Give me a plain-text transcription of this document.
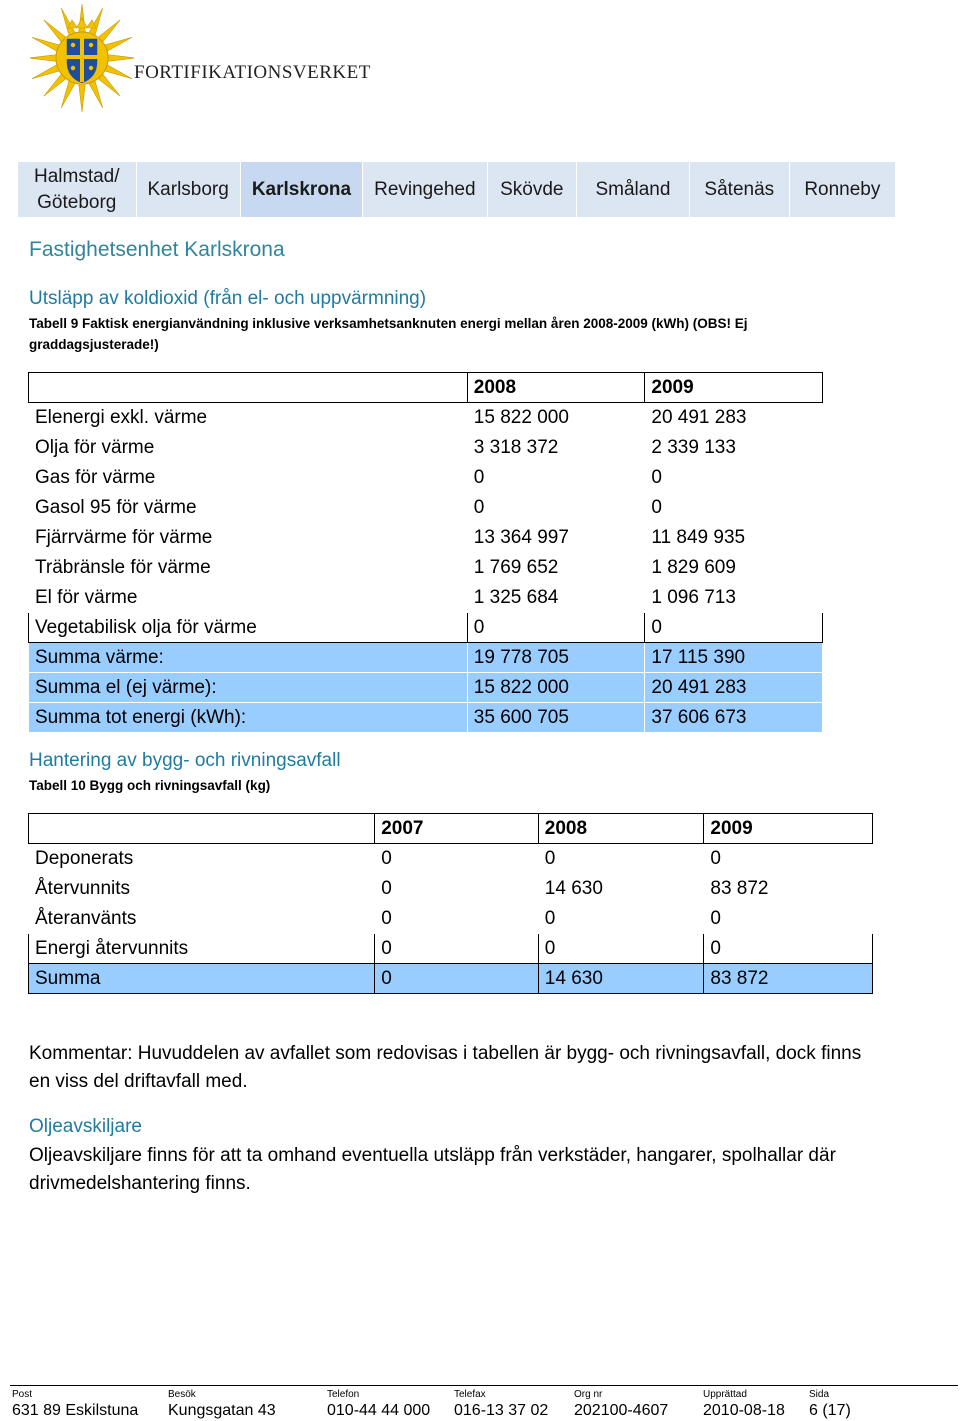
FORTIFIKATIONSVERKET
Halmstad/ Göteborg
Karlsborg Karlskrona Revingehed Skövde Småland Såtenäs Ronneby
Fastighetsenhet Karlskrona
Utsläpp av koldioxid (från el- och uppvärmning)
Tabell 9 Faktisk energianvändning inklusive verksamhetsanknuten energi mellan åren 2008-2009 (kWh) (OBS! Ej graddagsjusterade!)
	2008	2009
Elenergi exkl. värme	15 822 000	20 491 283
Olja för värme	3 318 372	2 339 133
Gas för värme	0	0
Gasol 95 för värme	0	0
Fjärrvärme för värme	13 364 997	11 849 935
Träbränsle för värme	1 769 652	1 829 609
El för värme	1 325 684	1 096 713
Vegetabilisk olja för värme	0	0
Summa värme:	19 778 705	17 115 390
Summa el (ej värme):	15 822 000	20 491 283
Summa tot energi (kWh):	35 600 705	37 606 673
Hantering av bygg- och rivningsavfall
Tabell 10 Bygg och rivningsavfall (kg)
	2007	2008	2009
Deponerats	0	0	0
Återvunnits	0	14 630	83 872
Återanvänts	0	0	0
Energi återvunnits	0	0	0
Summa	0	14 630	83 872
Kommentar: Huvuddelen av avfallet som redovisas i tabellen är bygg- och rivningsavfall, dock finns en viss del driftavfall med.
Oljeavskiljare
Oljeavskiljare finns för att ta omhand eventuella utsläpp från verkstäder, hangarer, spolhallar där drivmedelshantering finns.
Post
631 89 Eskilstuna
Besök
Kungsgatan 43
Telefon
010-44 44 000
Telefax
016-13 37 02
Org nr
202100-4607
Upprättad
2010-08-18
Sida
6 (17)
